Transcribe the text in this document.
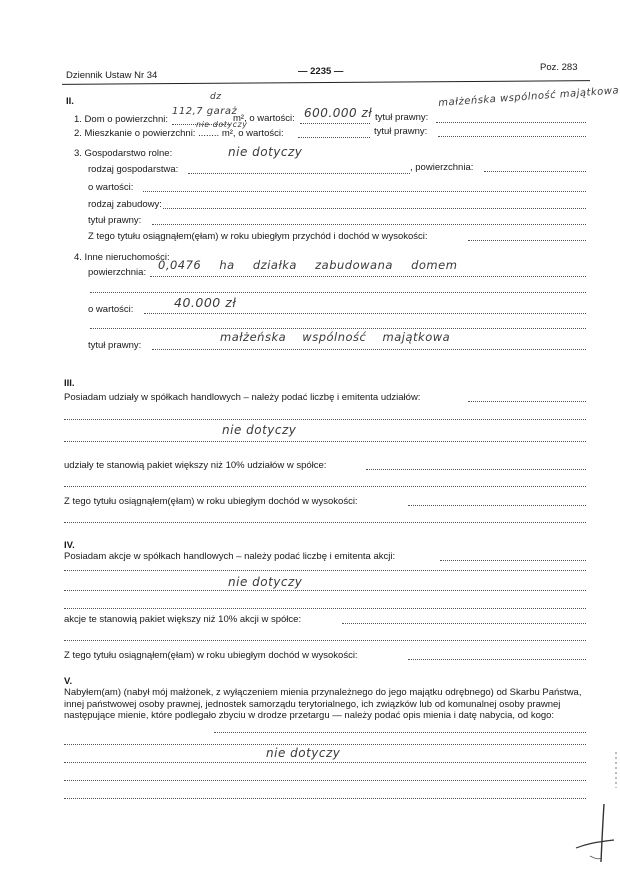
Dziennik Ustaw Nr 34	— 2235 —	Poz. 283
II.
1. Dom o powierzchni:
112,7 garaż
dz
nie dotyczy
m², o wartości: 600.000 zł tytuł prawny:
małżeńska wspólność majątkowa
2. Mieszkanie o powierzchni: ........ m², o wartości:	tytuł prawny:
3. Gospodarstwo rolne:	nie dotyczy
rodzaj gospodarstwa:	, powierzchnia:
o wartości:
rodzaj zabudowy:
tytuł prawny:
Z tego tytułu osiągnąłem(ęłam) w roku ubiegłym przychód i dochód w wysokości:
4. Inne nieruchomości:
powierzchnia:
0,0476 ha działka zabudowana domem
o wartości:	40.000 zł
tytuł prawny:
małżeńska wspólność majątkowa
III.
Posiadam udziały w spółkach handlowych – należy podać liczbę i emitenta udziałów:
nie dotyczy
udziały te stanowią pakiet większy niż 10% udziałów w spółce:
Z tego tytułu osiągnąłem(ęłam) w roku ubiegłym dochód w wysokości:
IV.
Posiadam akcje w spółkach handlowych – należy podać liczbę i emitenta akcji:
nie dotyczy
akcje te stanowią pakiet większy niż 10% akcji w spółce:
Z tego tytułu osiągnąłem(ęłam) w roku ubiegłym dochód w wysokości:
V.
Nabyłem(am) (nabył mój małżonek, z wyłączeniem mienia przynależnego do jego majątku odrębnego) od Skarbu Państwa, innej państwowej osoby prawnej, jednostek samorządu terytorialnego, ich związków lub od komunalnej osoby prawnej następujące mienie, które podlegało zbyciu w drodze przetargu — należy podać opis mienia i datę nabycia, od kogo:
nie dotyczy
